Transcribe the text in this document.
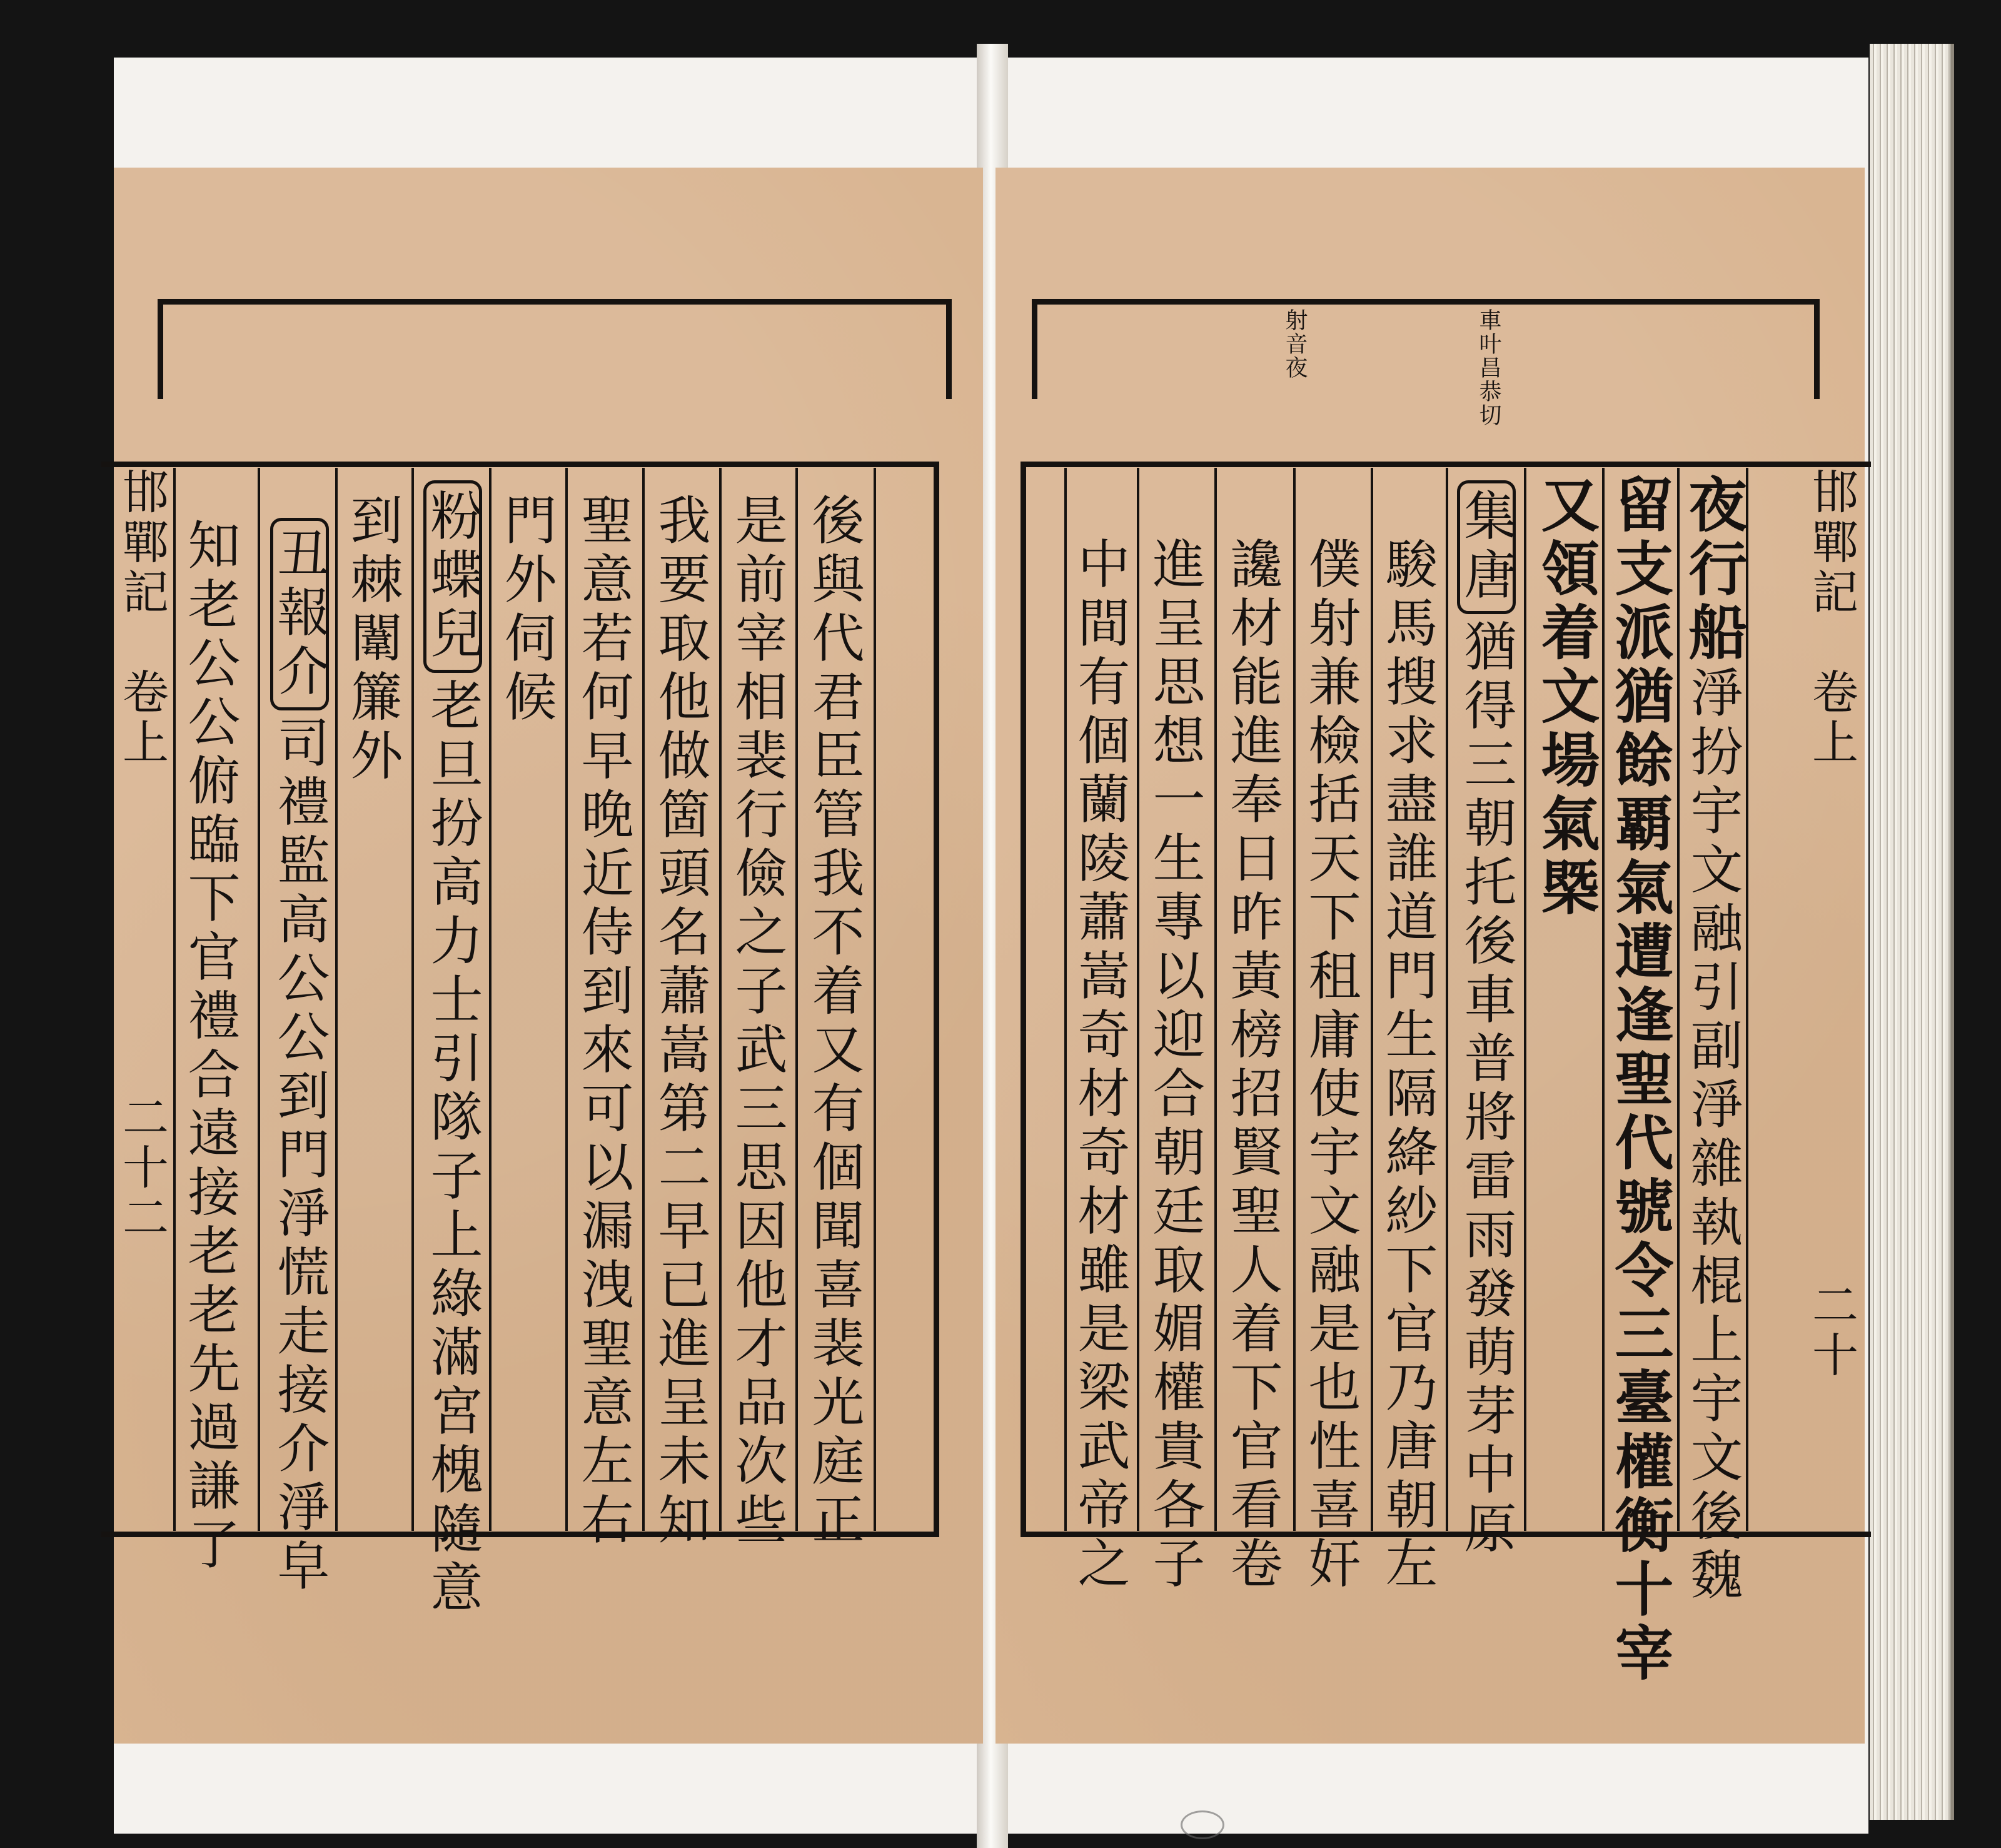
邯鄲記　卷上
二十二	後與代君臣管我不着又有個聞喜裴光庭正
是前宰相裴行儉之子武三思因他才品次些
我要取他做箇頭名蕭嵩第二早已進呈未知
聖意若何早晚近侍到來可以漏洩聖意左右
門外伺候
粉蝶兒老旦扮高力士引隊子上綠滿宮槐隨意
到棘闈簾外
丑報介司禮監高公公到門淨慌走接介淨皁
知老公公俯臨下官禮合遠接老老先過謙了
車叶昌恭切
射音夜
邯鄲記　卷上
二十
夜行船淨扮宇文融引副淨雜執棍上宇文後魏
留支派猶餘覇氣遭逢聖代號令三臺權衡十宰
又領着文場氣槩
集唐猶得三朝托後車普將雷雨發萌芽中原
駿馬搜求盡誰道門生隔絳紗下官乃唐朝左
僕射兼檢括天下租庸使宇文融是也性喜奸
讒材能進奉日昨黃榜招賢聖人着下官看卷
進呈思想一生專以迎合朝廷取媚權貴各子
中間有個蘭陵蕭嵩奇材奇材雖是梁武帝之
